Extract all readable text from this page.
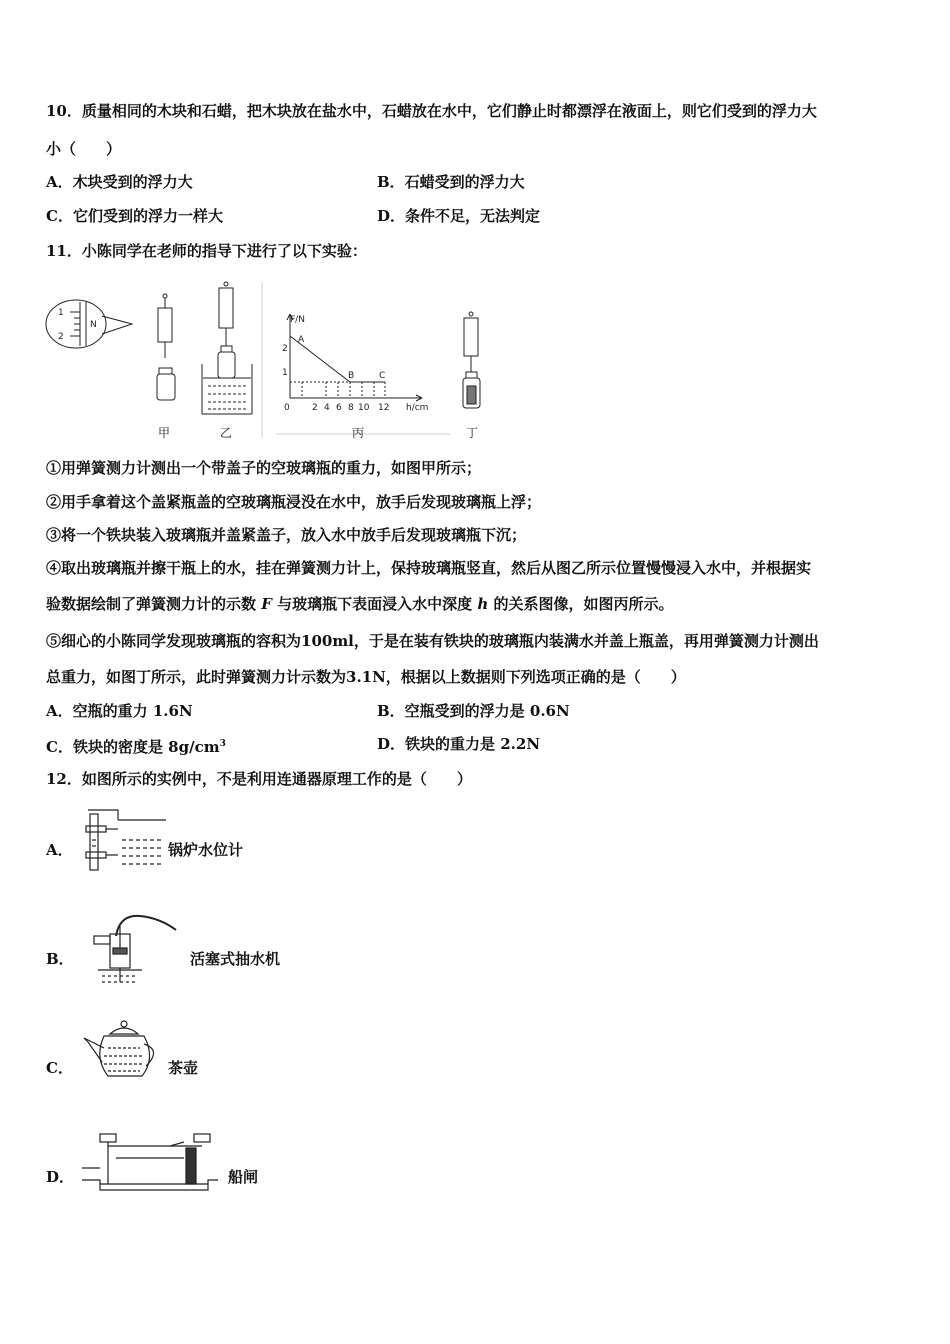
10．质量相同的木块和石蜡，把木块放在盐水中，石蜡放在水中，它们静止时都漂浮在液面上，则它们受到的浮力大
小（　　）
A．木块受到的浮力大	B．石蜡受到的浮力大
C．它们受到的浮力一样大	D．条件不足，无法判定
11．小陈同学在老师的指导下进行了以下实验：
1
2
N	F/N
h/cm
2
1
0 2 4 6 8 10 12
A
B	C
甲	乙	丙	丁
①用弹簧测力计测出一个带盖子的空玻璃瓶的重力，如图甲所示；
②用手拿着这个盖紧瓶盖的空玻璃瓶浸没在水中，放手后发现玻璃瓶上浮；
③将一个铁块装入玻璃瓶并盖紧盖子，放入水中放手后发现玻璃瓶下沉；
④取出玻璃瓶并擦干瓶上的水，挂在弹簧测力计上，保持玻璃瓶竖直，然后从图乙所示位置慢慢浸入水中，并根据实
验数据绘制了弹簧测力计的示数 F 与玻璃瓶下表面浸入水中深度 h 的关系图像，如图丙所示。
⑤细心的小陈同学发现玻璃瓶的容积为100ml，于是在装有铁块的玻璃瓶内装满水并盖上瓶盖，再用弹簧测力计测出
总重力，如图丁所示，此时弹簧测力计示数为3.1N，根据以上数据则下列选项正确的是（　　）
A．空瓶的重力 1.6N	B．空瓶受到的浮力是 0.6N
C．铁块的密度是 $8g/cm^3$	D．铁块的重力是 2.2N
12．如图所示的实例中，不是利用连通器原理工作的是（　　）
A．	锅炉水位计
B．	活塞式抽水机
C．	茶壶
D．	船闸
